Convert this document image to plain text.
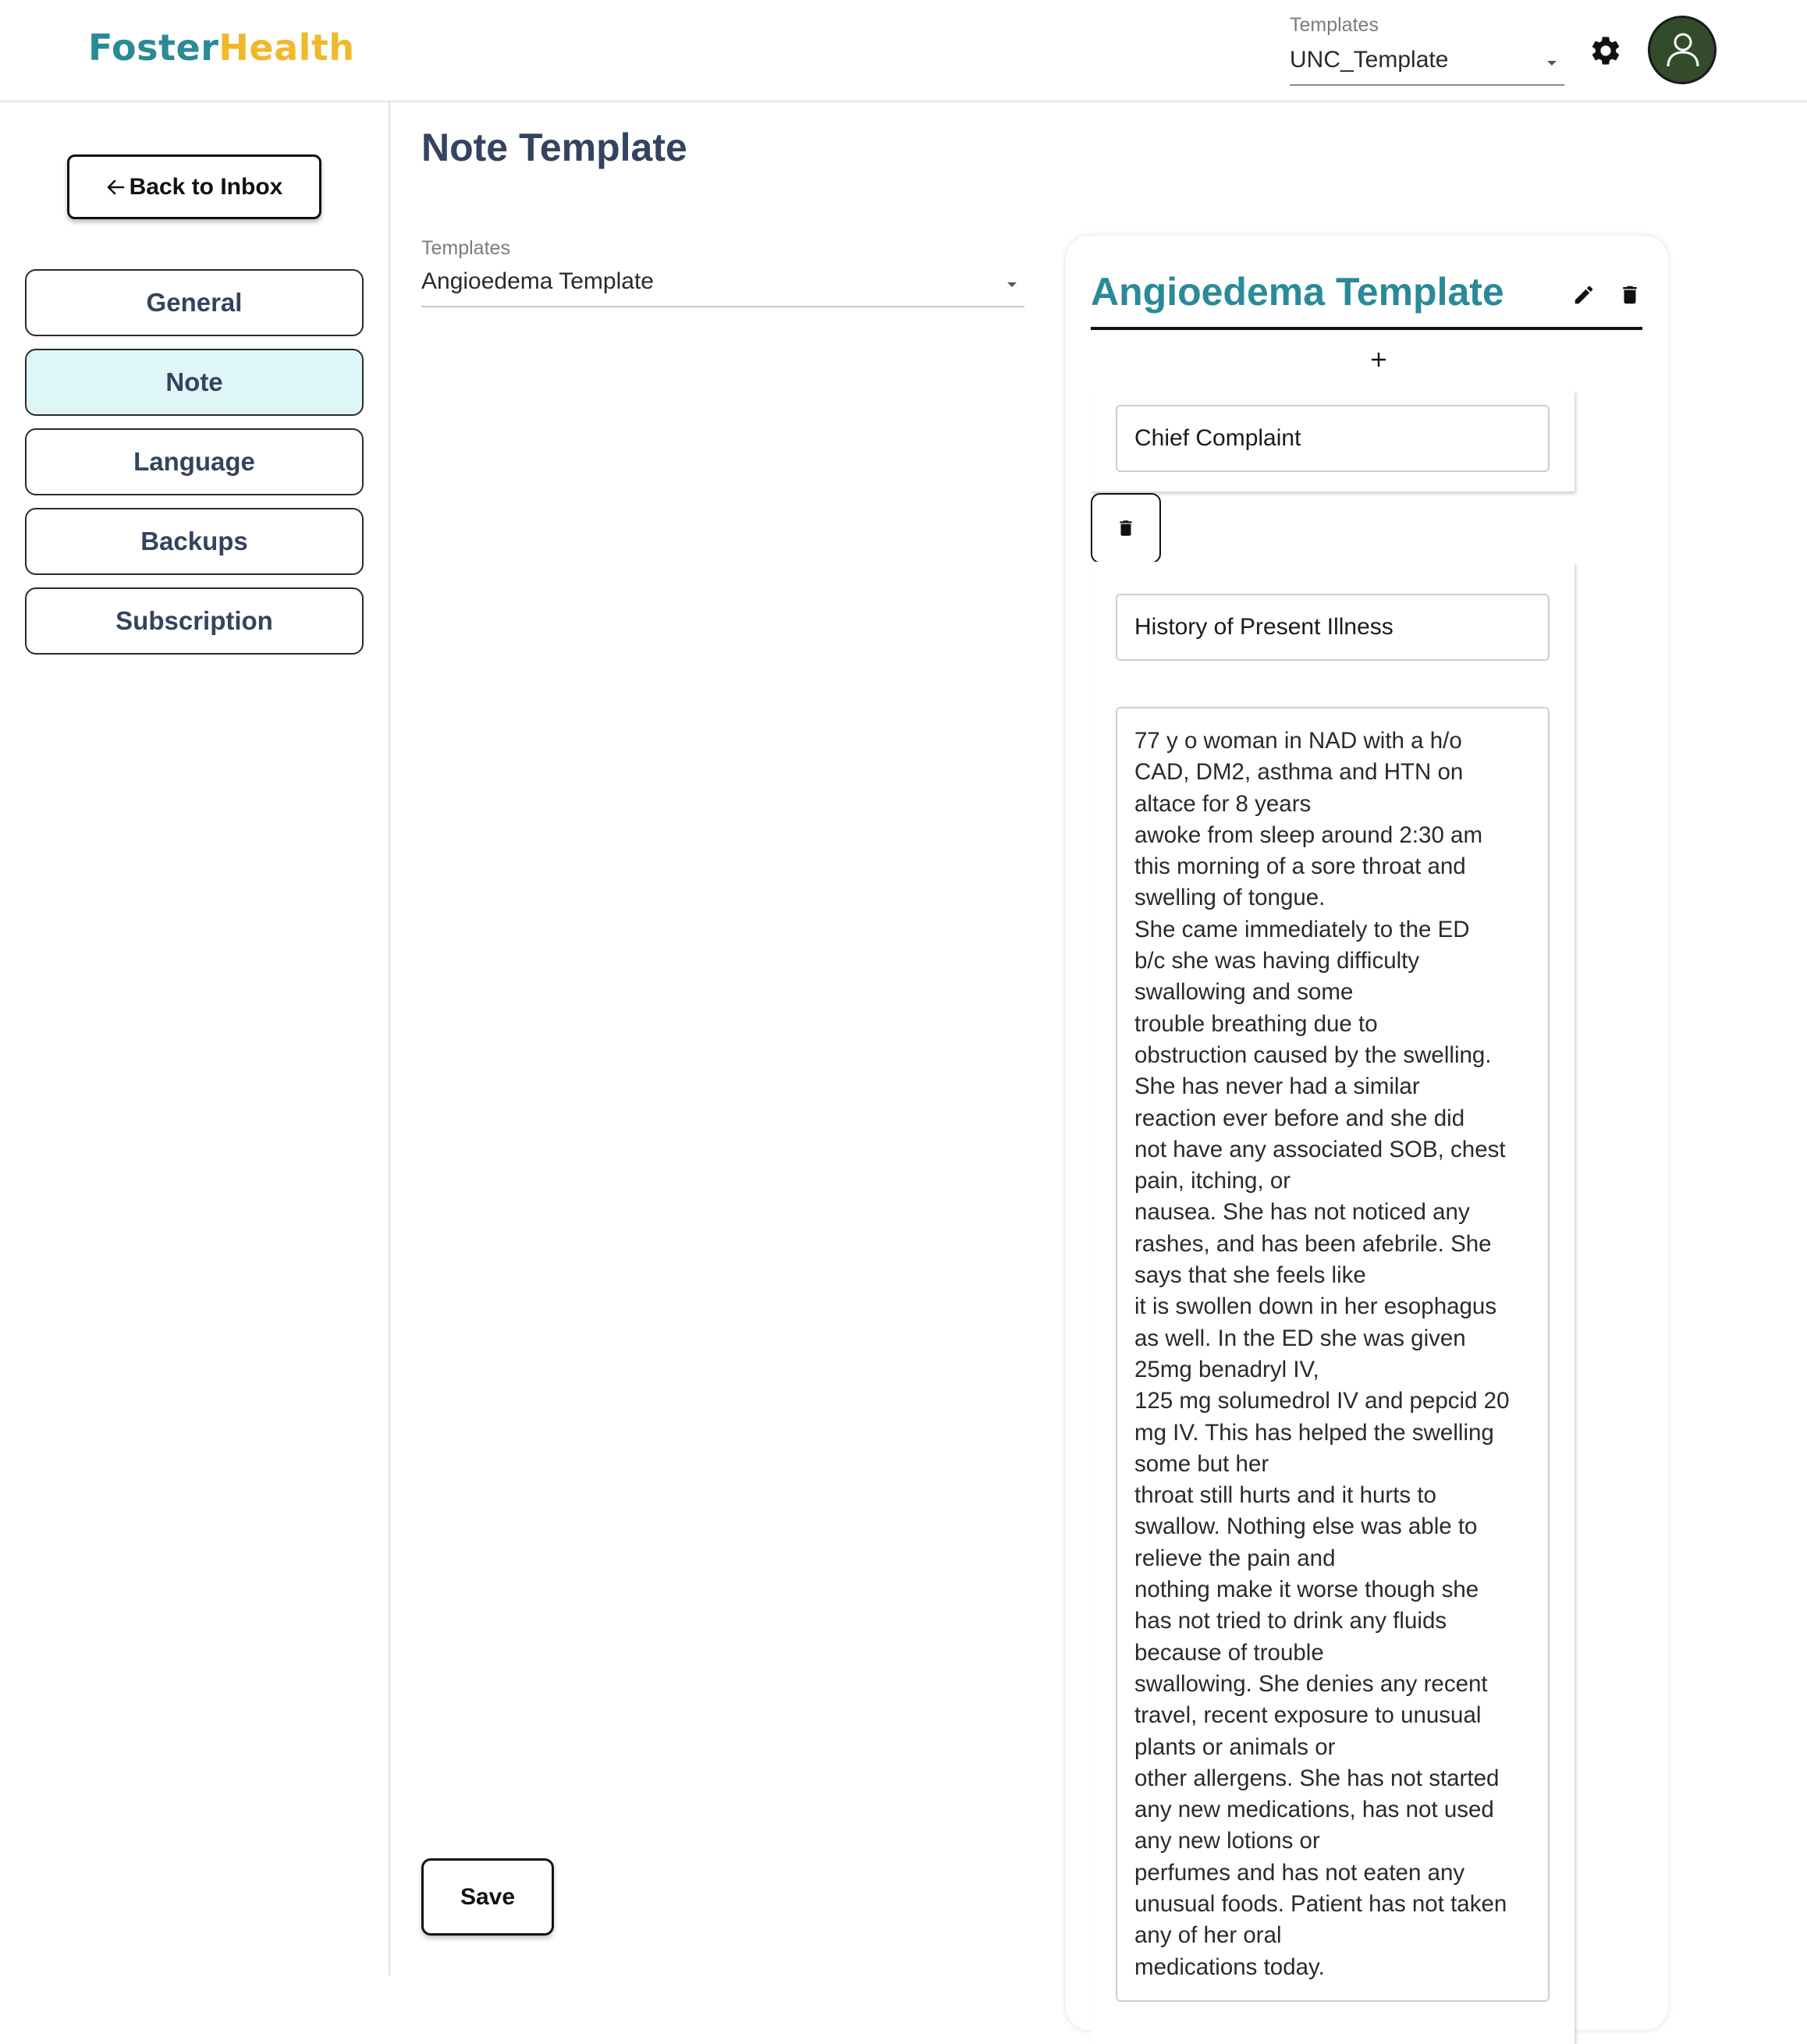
FosterHealth
Templates
UNC_Template
Back to Inbox
General
Note
Language
Backups
Subscription
Note Template
Templates
Angioedema Template
Save
Angioedema Template
Chief Complaint
History of Present Illness
77 y o woman in NAD with a h/o
CAD, DM2, asthma and HTN on
altace for 8 years
awoke from sleep around 2:30 am
this morning of a sore throat and
swelling of tongue.
She came immediately to the ED
b/c she was having difficulty
swallowing and some
trouble breathing due to
obstruction caused by the swelling.
She has never had a similar
reaction ever before and she did
not have any associated SOB, chest
pain, itching, or
nausea. She has not noticed any
rashes, and has been afebrile. She
says that she feels like
it is swollen down in her esophagus
as well. In the ED she was given
25mg benadryl IV,
125 mg solumedrol IV and pepcid 20
mg IV. This has helped the swelling
some but her
throat still hurts and it hurts to
swallow. Nothing else was able to
relieve the pain and
nothing make it worse though she
has not tried to drink any fluids
because of trouble
swallowing. She denies any recent
travel, recent exposure to unusual
plants or animals or
other allergens. She has not started
any new medications, has not used
any new lotions or
perfumes and has not eaten any
unusual foods. Patient has not taken
any of her oral
medications today.
